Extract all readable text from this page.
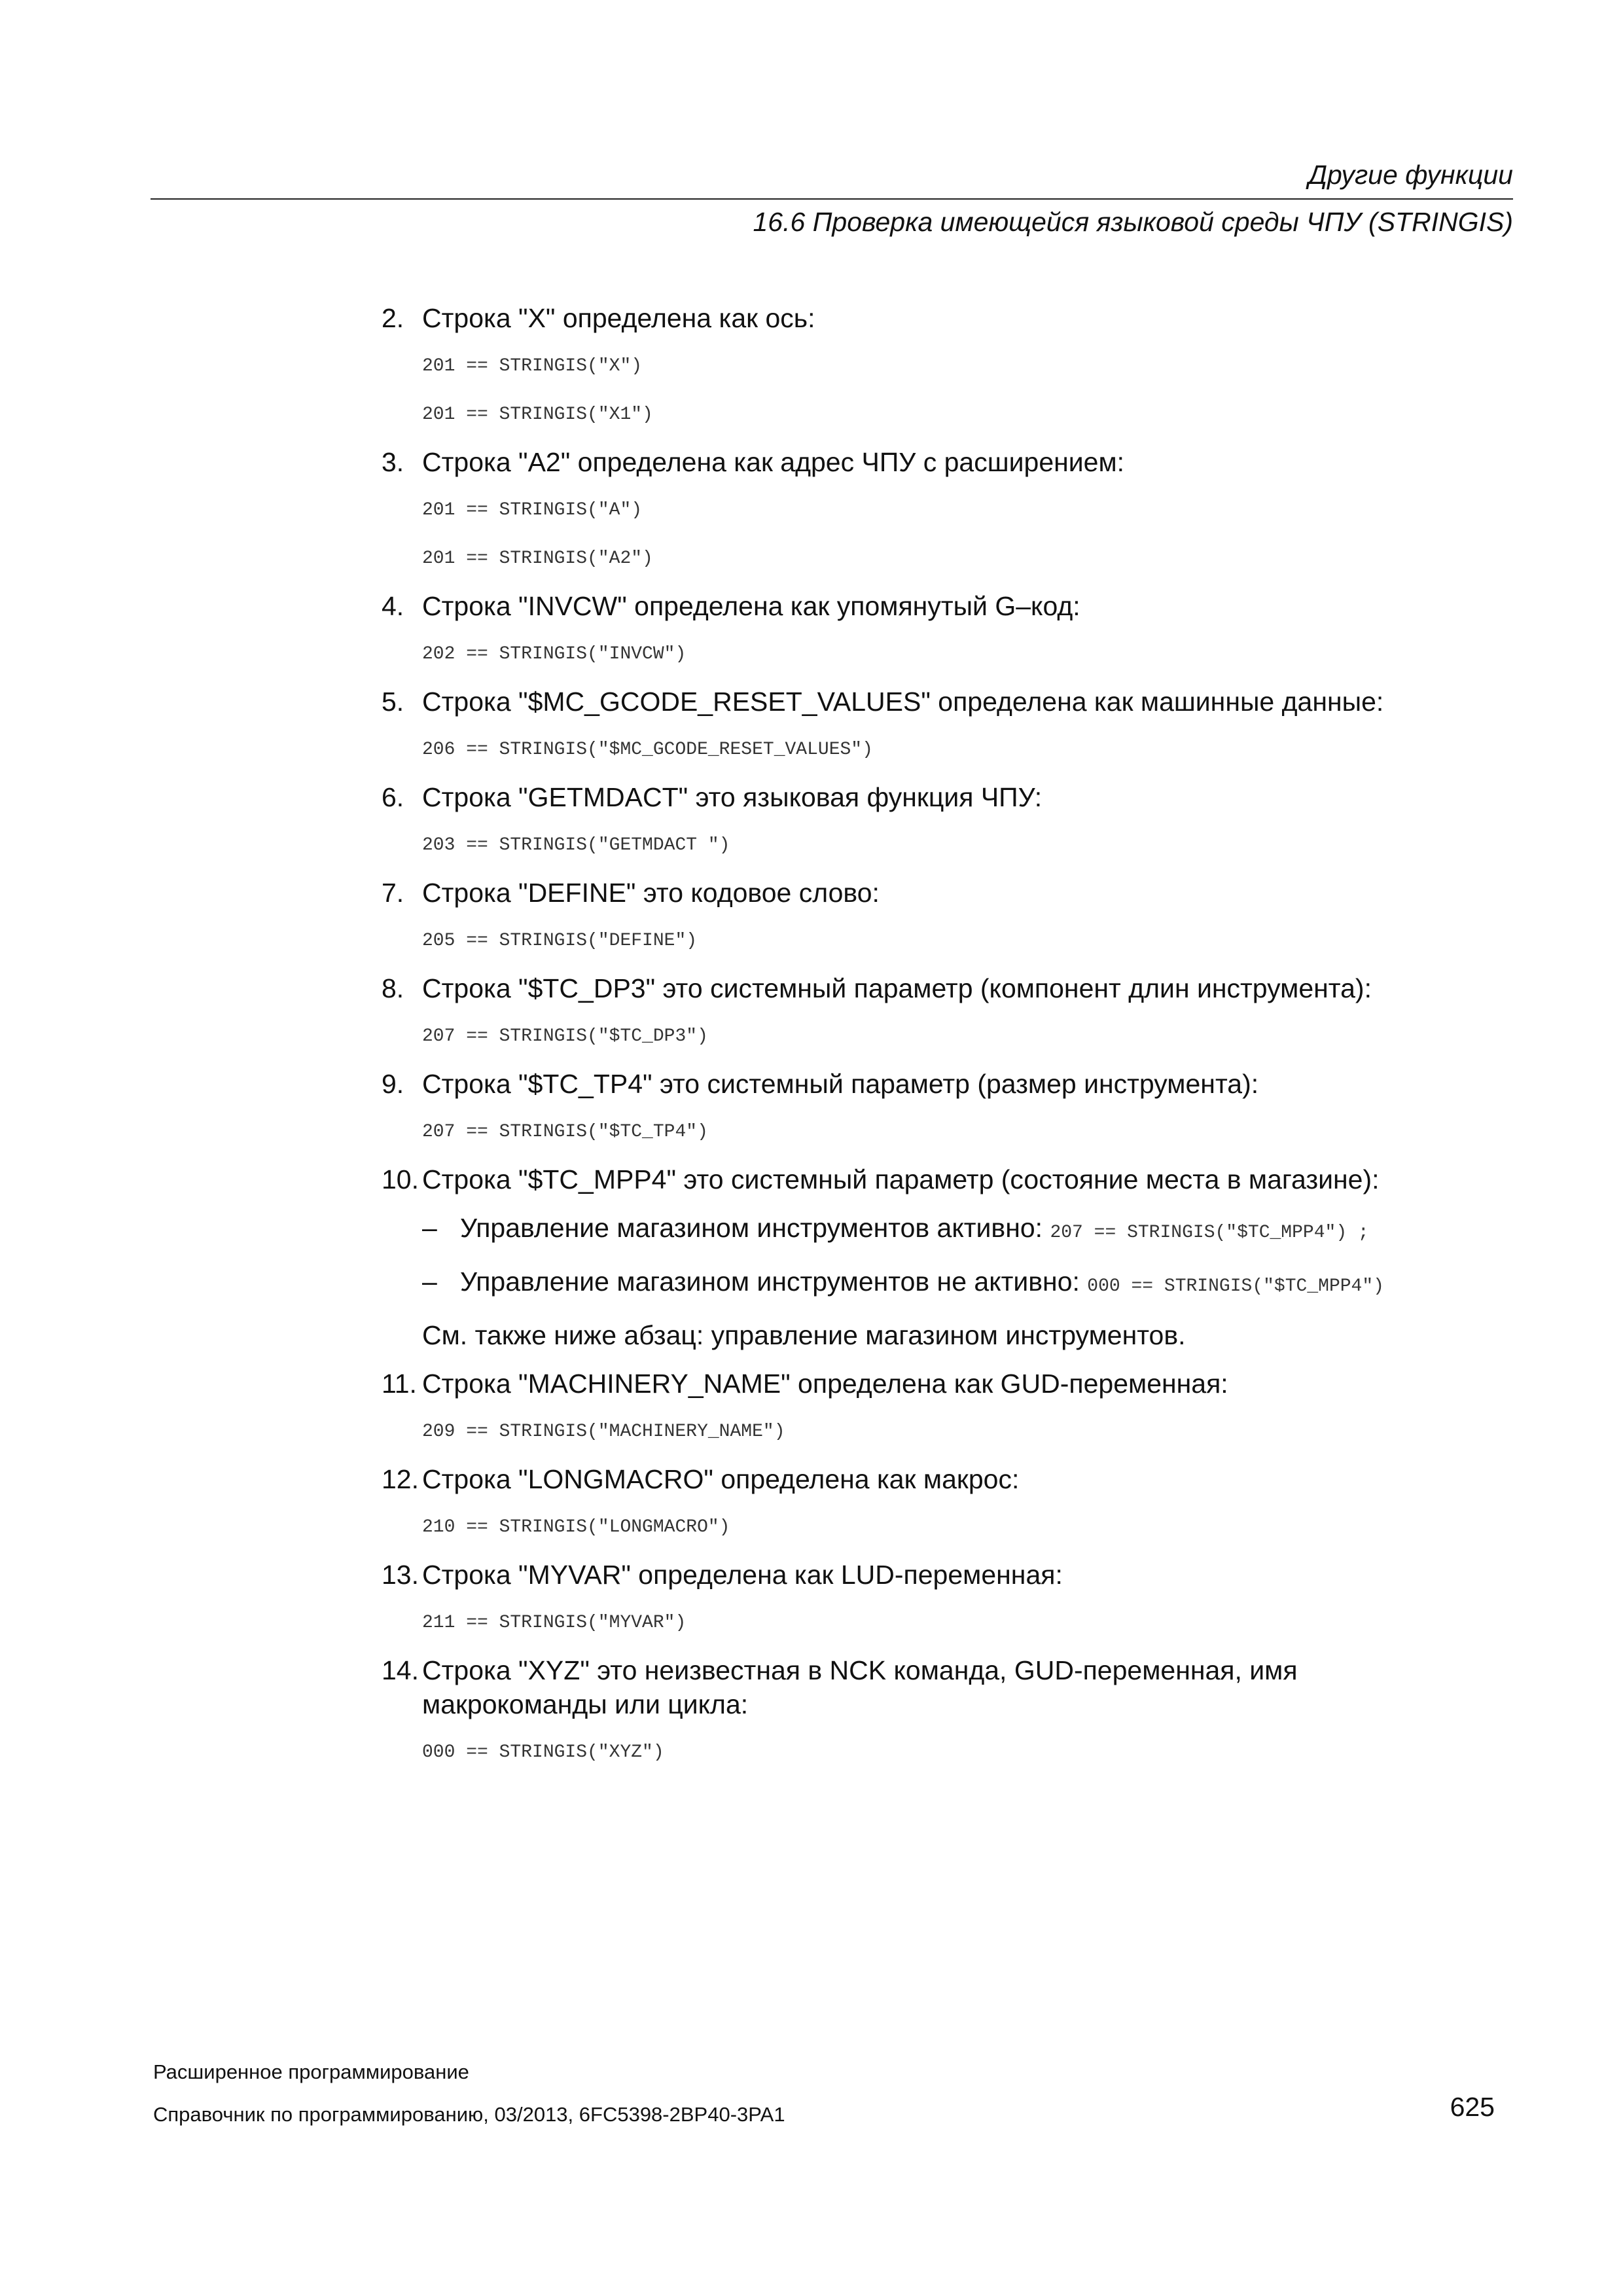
Другие функции
16.6 Проверка имеющейся языковой среды ЧПУ (STRINGIS)
2. Строка "X" определена как ось:
201 == STRINGIS("X")
201 == STRINGIS("X1")
3. Строка "A2" определена как адрес ЧПУ с расширением:
201 == STRINGIS("A")
201 == STRINGIS("A2")
4. Строка "INVCW" определена как упомянутый G–код:
202 == STRINGIS("INVCW")
5. Строка "$MC_GCODE_RESET_VALUES" определена как машинные данные:
206 == STRINGIS("$MC_GCODE_RESET_VALUES")
6. Строка "GETMDACT" это языковая функция ЧПУ:
203 == STRINGIS("GETMDACT ")
7. Строка "DEFINE" это кодовое слово:
205 == STRINGIS("DEFINE")
8. Строка "$TC_DP3" это системный параметр (компонент длин инструмента):
207 == STRINGIS("$TC_DP3")
9. Строка "$TC_TP4" это системный параметр (размер инструмента):
207 == STRINGIS("$TC_TP4")
10. Строка "$TC_MPP4" это системный параметр (состояние места в магазине):
– Управление магазином инструментов активно: 207 == STRINGIS("$TC_MPP4") ;
– Управление магазином инструментов не активно: 000 == STRINGIS("$TC_MPP4")
См. также ниже абзац: управление магазином инструментов.
11. Строка "MACHINERY_NAME" определена как GUD-переменная:
209 == STRINGIS("MACHINERY_NAME")
12. Строка "LONGMACRO" определена как макрос:
210 == STRINGIS("LONGMACRO")
13. Строка "MYVAR" определена как LUD-переменная:
211 == STRINGIS("MYVAR")
14. Строка "XYZ" это неизвестная в NCK команда, GUD-переменная, имя макрокоманды или цикла:
000 == STRINGIS("XYZ")
Расширенное программирование
Справочник по программированию, 03/2013, 6FC5398-2BP40-3PA1	625
